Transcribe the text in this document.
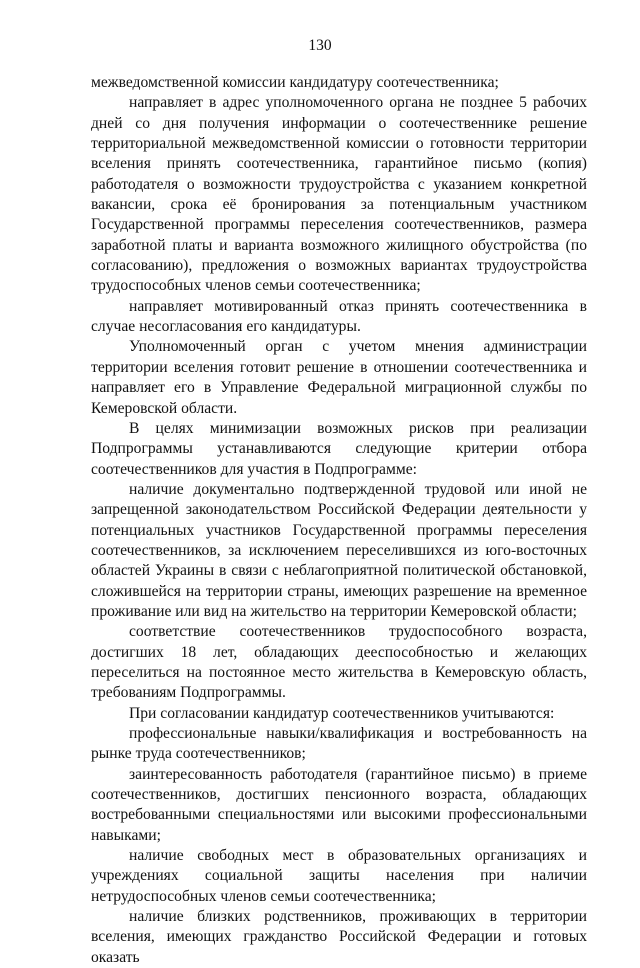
130

межведомственной комиссии кандидатуру соотечественника;

направляет в адрес уполномоченного органа не позднее 5 рабочих дней со дня получения информации о соотечественнике решение территориальной межведомственной комиссии о готовности территории вселения принять соотечественника, гарантийное письмо (копия) работодателя о возможности трудоустройства с указанием конкретной вакансии, срока её бронирования за потенциальным участником Государственной программы переселения соотечественников, размера заработной платы и варианта возможного жилищного обустройства (по согласованию), предложения о возможных вариантах трудоустройства трудоспособных членов семьи соотечественника;

направляет мотивированный отказ принять соотечественника в случае несогласования его кандидатуры.

Уполномоченный орган с учетом мнения администрации территории вселения готовит решение в отношении соотечественника и направляет его в Управление Федеральной миграционной службы по Кемеровской области.

В целях минимизации возможных рисков при реализации Подпрограммы устанавливаются следующие критерии отбора соотечественников для участия в Подпрограмме:

наличие документально подтвержденной трудовой или иной не запрещенной законодательством Российской Федерации деятельности у потенциальных участников Государственной программы переселения соотечественников, за исключением переселившихся из юго-восточных областей Украины в связи с неблагоприятной политической обстановкой, сложившейся на территории страны, имеющих разрешение на временное проживание или вид на жительство на территории Кемеровской области;

соответствие соотечественников трудоспособного возраста, достигших 18 лет, обладающих дееспособностью и желающих переселиться на постоянное место жительства в Кемеровскую область, требованиям Подпрограммы.

При согласовании кандидатур соотечественников учитываются:

профессиональные навыки/квалификация и востребованность на рынке труда соотечественников;

заинтересованность работодателя (гарантийное письмо) в приеме соотечественников, достигших пенсионного возраста, обладающих востребованными специальностями или высокими профессиональными навыками;

наличие свободных мест в образовательных организациях и учреждениях социальной защиты населения при наличии нетрудоспособных членов семьи соотечественника;

наличие близких родственников, проживающих в территории вселения, имеющих гражданство Российской Федерации и готовых оказать
